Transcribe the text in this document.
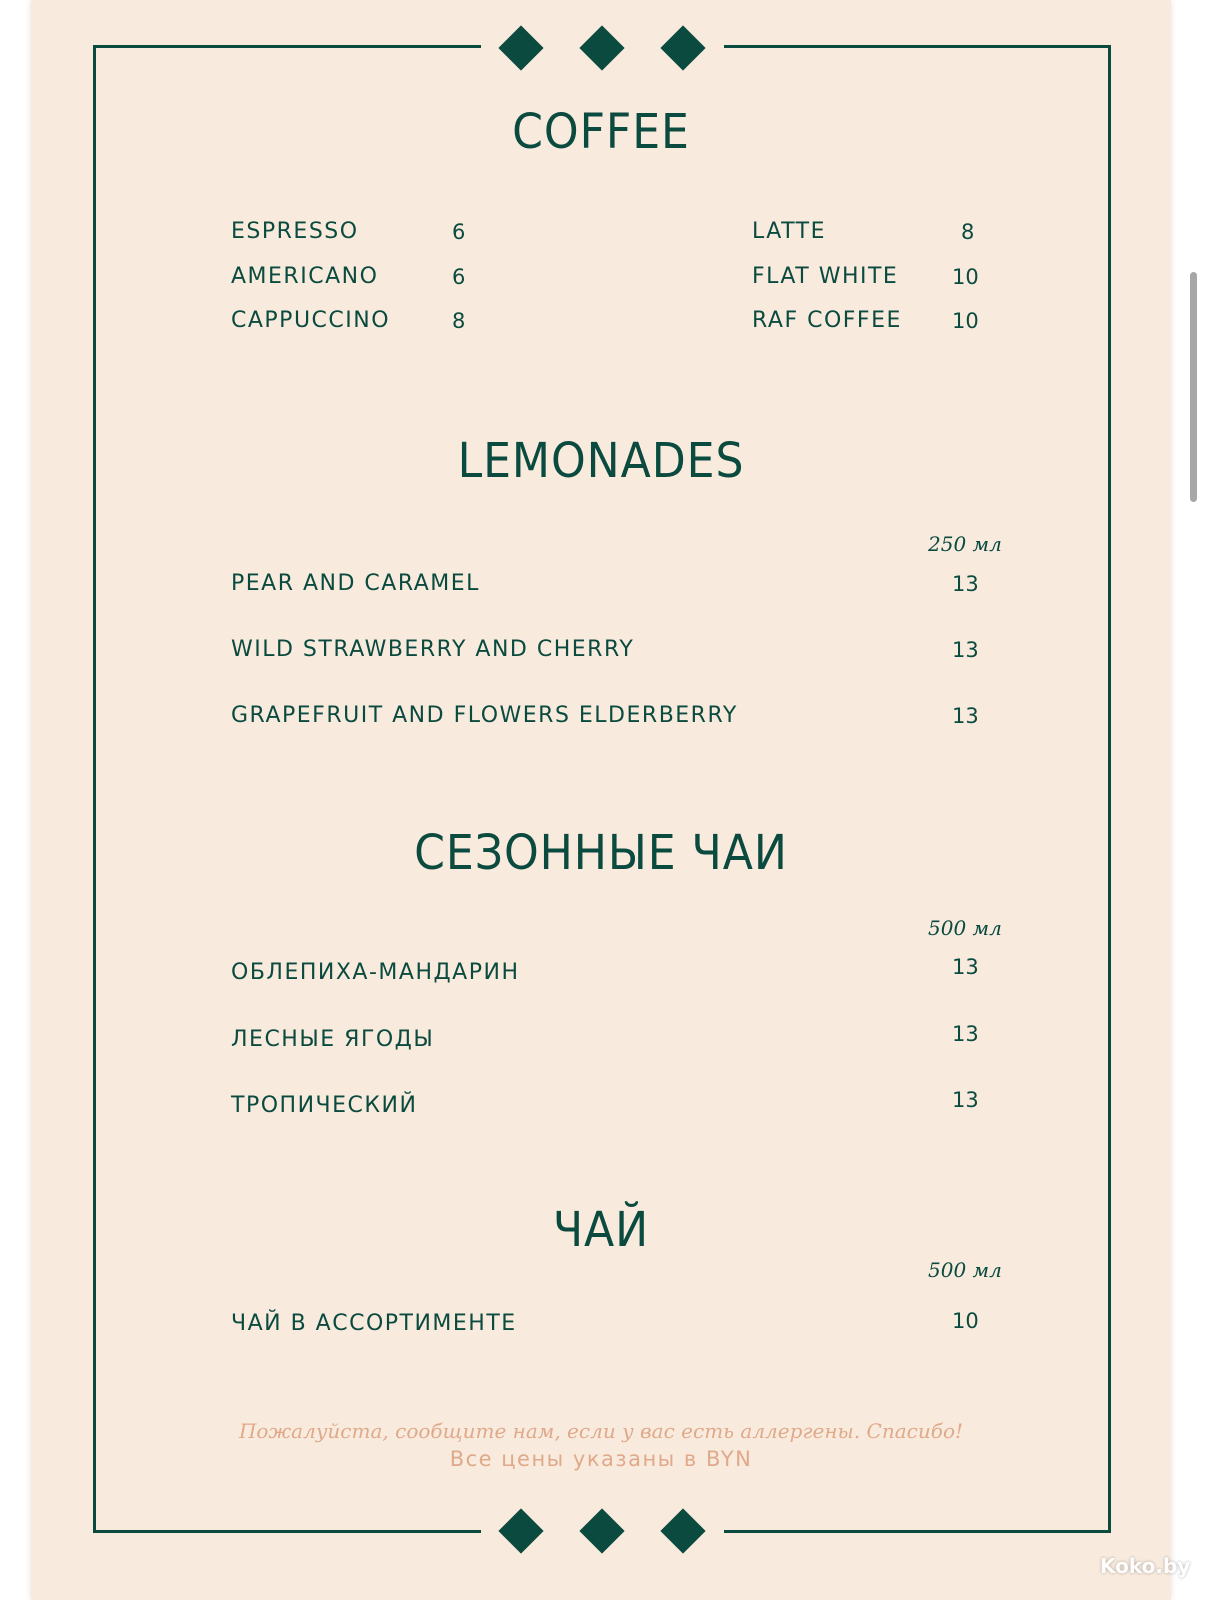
COFFEE
ESPRESSO	6
AMERICANO	6
CAPPUCCINO	8
LATTE	8
FLAT WHITE	10
RAF COFFEE 10
LEMONADES
250 мл
PEAR AND CARAMEL	13
WILD STRAWBERRY AND CHERRY	13
GRAPEFRUIT AND FLOWERS ELDERBERRY	13
СЕЗОННЫЕ ЧАИ
500 мл
ОБЛЕПИХА-МАНДАРИН	13
ЛЕСНЫЕ ЯГОДЫ	13
ТРОПИЧЕСКИЙ	13
ЧАЙ
500 мл
ЧАЙ В АССОРТИМЕНТЕ	10
Пожалуйста, сообщите нам, если у вас есть аллергены. Спасибо!
Все цены указаны в BYN
Koko.by
